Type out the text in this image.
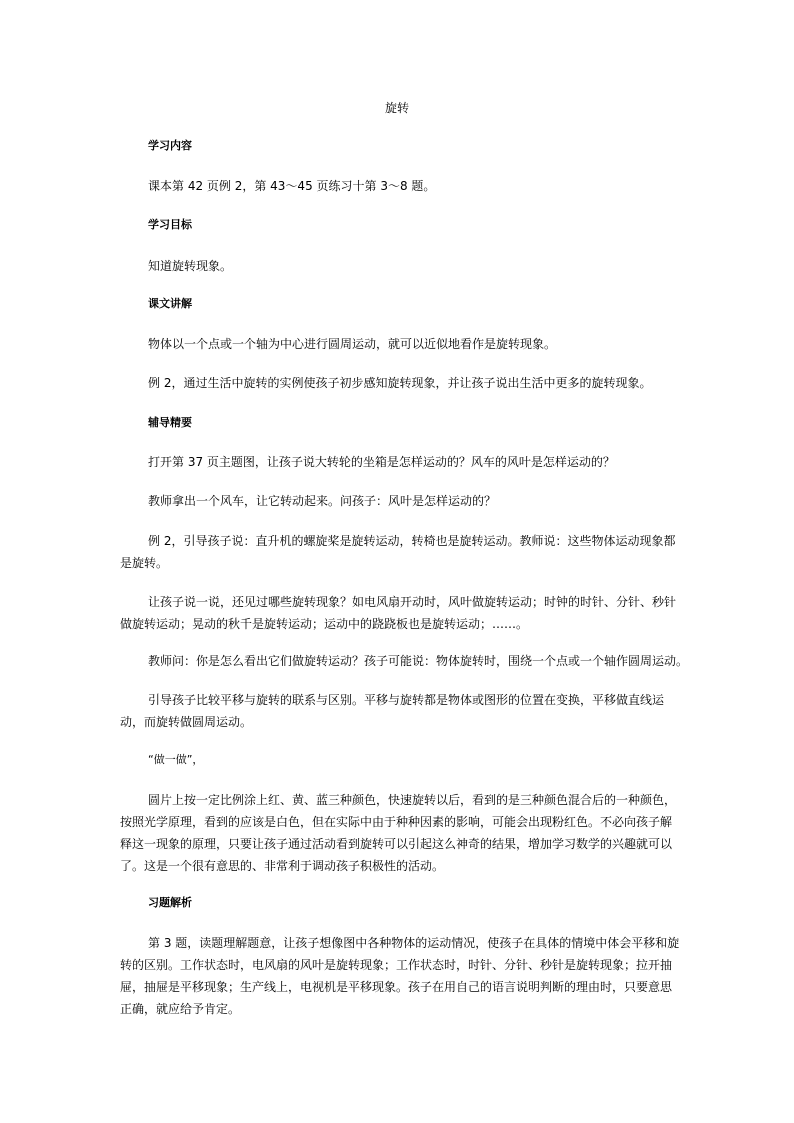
旋转
学习内容
课本第 42 页例 2，第 43～45 页练习十第 3～8 题。
学习目标
知道旋转现象。
课文讲解
物体以一个点或一个轴为中心进行圆周运动，就可以近似地看作是旋转现象。
例 2，通过生活中旋转的实例使孩子初步感知旋转现象，并让孩子说出生活中更多的旋转现象。
辅导精要
打开第 37 页主题图，让孩子说大转轮的坐箱是怎样运动的？风车的风叶是怎样运动的？
教师拿出一个风车，让它转动起来。问孩子：风叶是怎样运动的？
例 2，引导孩子说：直升机的螺旋桨是旋转运动，转椅也是旋转运动。教师说：这些物体运动现象都是旋转。
让孩子说一说，还见过哪些旋转现象？如电风扇开动时，风叶做旋转运动；时钟的时针、分针、秒针做旋转运动；晃动的秋千是旋转运动；运动中的跷跷板也是旋转运动；……。
教师问：你是怎么看出它们做旋转运动？孩子可能说：物体旋转时，围绕一个点或一个轴作圆周运动。
引导孩子比较平移与旋转的联系与区别。平移与旋转都是物体或图形的位置在变换，平移做直线运动，而旋转做圆周运动。
“做一做”，
圆片上按一定比例涂上红、黄、蓝三种颜色，快速旋转以后，看到的是三种颜色混合后的一种颜色，按照光学原理，看到的应该是白色，但在实际中由于种种因素的影响，可能会出现粉红色。不必向孩子解释这一现象的原理，只要让孩子通过活动看到旋转可以引起这么神奇的结果，增加学习数学的兴趣就可以了。这是一个很有意思的、非常利于调动孩子积极性的活动。
习题解析
第 3 题，读题理解题意，让孩子想像图中各种物体的运动情况，使孩子在具体的情境中体会平移和旋转的区别。工作状态时，电风扇的风叶是旋转现象；工作状态时，时针、分针、秒针是旋转现象；拉开抽屉，抽屉是平移现象；生产线上，电视机是平移现象。孩子在用自己的语言说明判断的理由时，只要意思正确，就应给予肯定。
